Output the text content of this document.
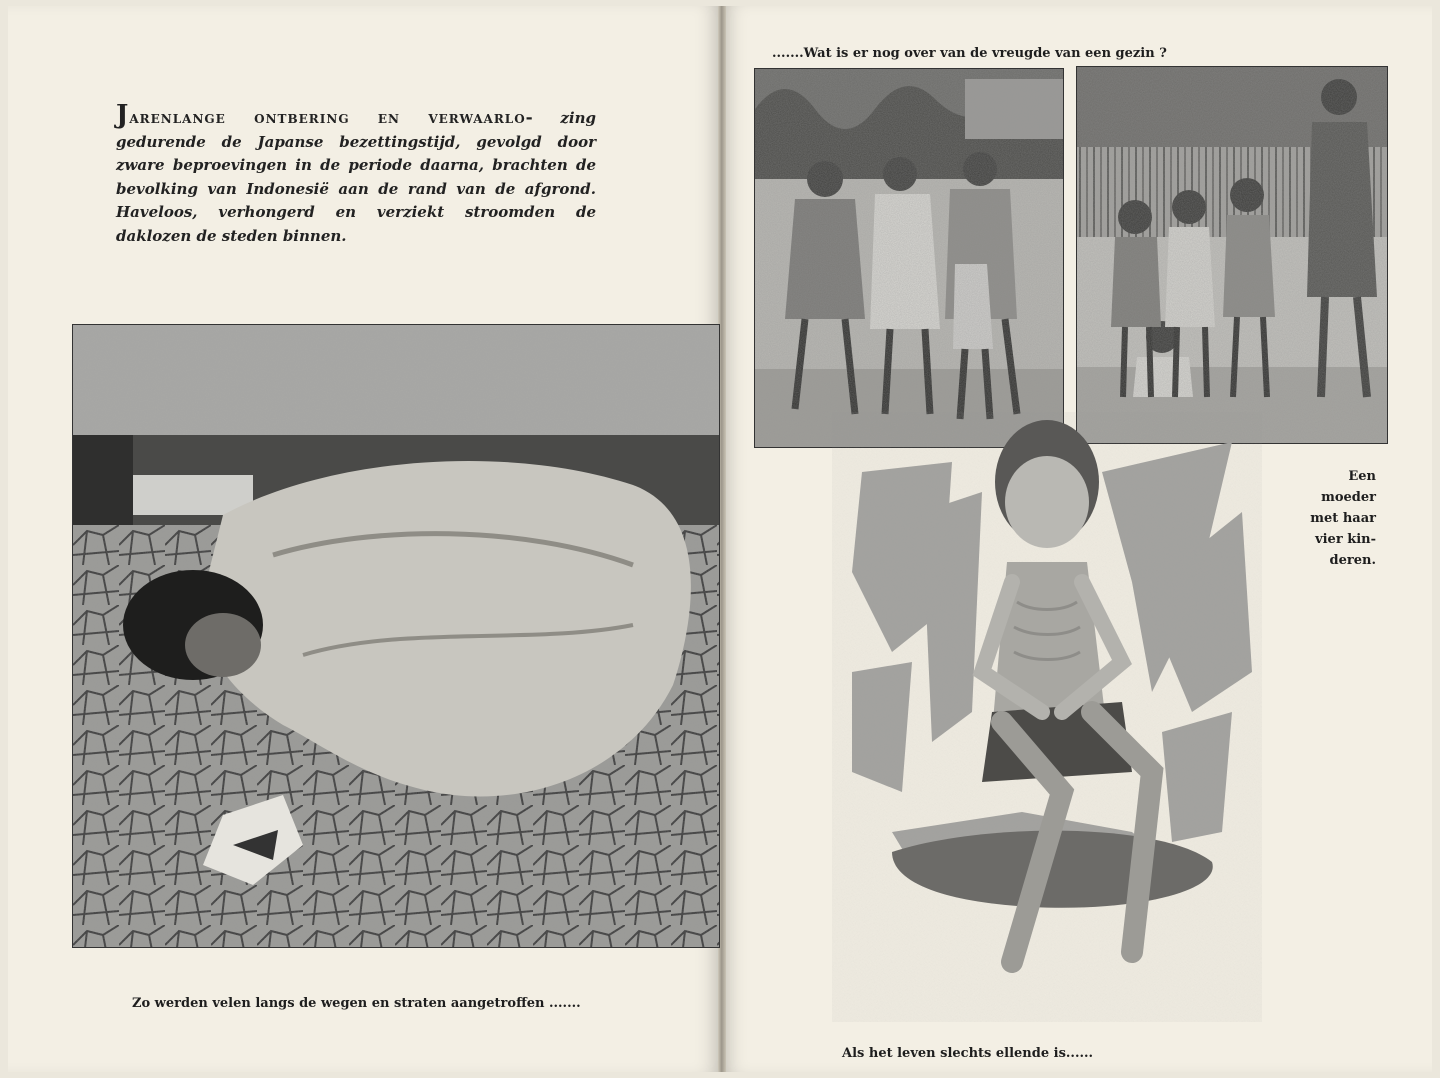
Jarenlange ontbering en verwaarlo- zing gedurende de Japanse bezettingstijd, gevolgd door zware beproevingen in de periode daarna, brachten de bevolking van Indonesië aan de rand van de afgrond. Haveloos, verhongerd en verziekt stroomden de daklozen de steden binnen.
.......Wat is er nog over van de vreugde van een gezin ?
Een moeder
met haar
vier kin-
deren.
Zo werden velen langs de wegen en straten aangetroffen .......
Als het leven slechts ellende is......
